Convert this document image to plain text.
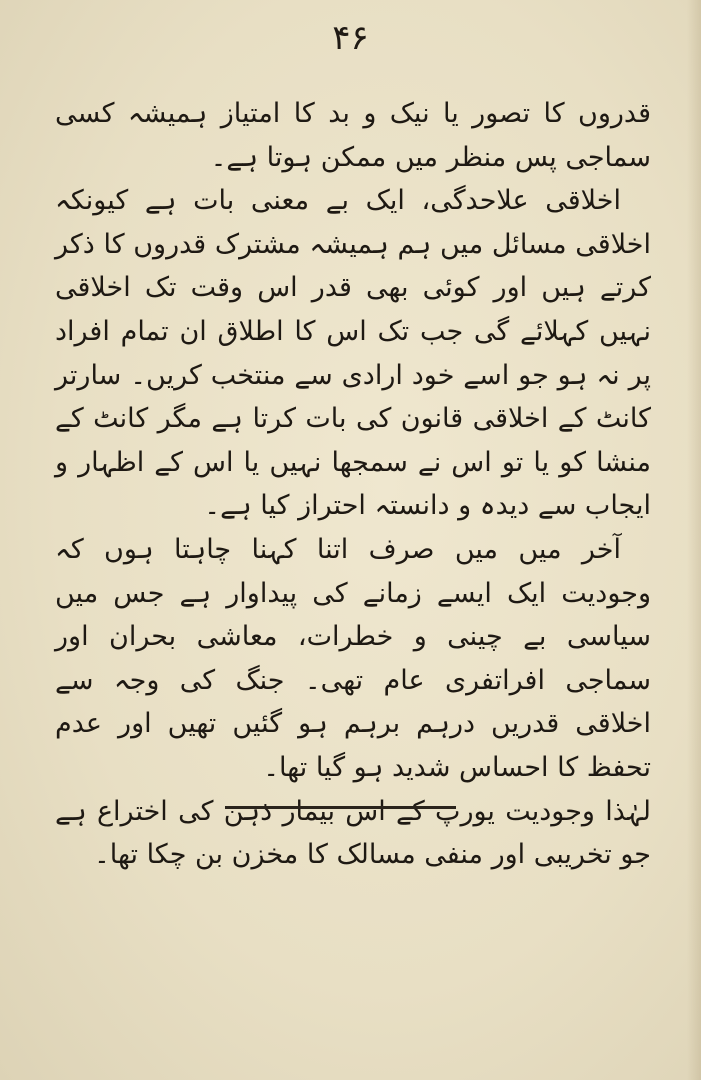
۴۶

قدروں کا تصور یا نیک و بد کا امتیاز ہمیشہ کسی سماجی پس منظر میں ممکن ہوتا ہے۔

اخلاقی علاحدگی، ایک بے معنی بات ہے کیونکہ اخلاقی مسائل میں ہم ہمیشہ مشترک قدروں کا ذکر کرتے ہیں اور کوئی بھی قدر اس وقت تک اخلاقی نہیں کہلائے گی جب تک اس کا اطلاق ان تمام افراد پر نہ ہو جو اسے خود ارادی سے منتخب کریں۔ سارتر کانٹ کے اخلاقی قانون کی بات کرتا ہے مگر کانٹ کے منشا کو یا تو اس نے سمجھا نہیں یا اس کے اظہار و ایجاب سے دیدہ و دانستہ احتراز کیا ہے۔

آخر میں میں صرف اتنا کہنا چاہتا ہوں کہ وجودیت ایک ایسے زمانے کی پیداوار ہے جس میں سیاسی بے چینی و خطرات، معاشی بحران اور سماجی افراتفری عام تھی۔ جنگ کی وجہ سے اخلاقی قدریں درہم برہم ہو گئیں تھیں اور عدم تحفظ کا احساس شدید ہو گیا تھا۔

لہٰذا وجودیت یورپ کے اس بیمار ذہن کی اختراع ہے جو تخریبی اور منفی مسالک کا مخزن بن چکا تھا۔
